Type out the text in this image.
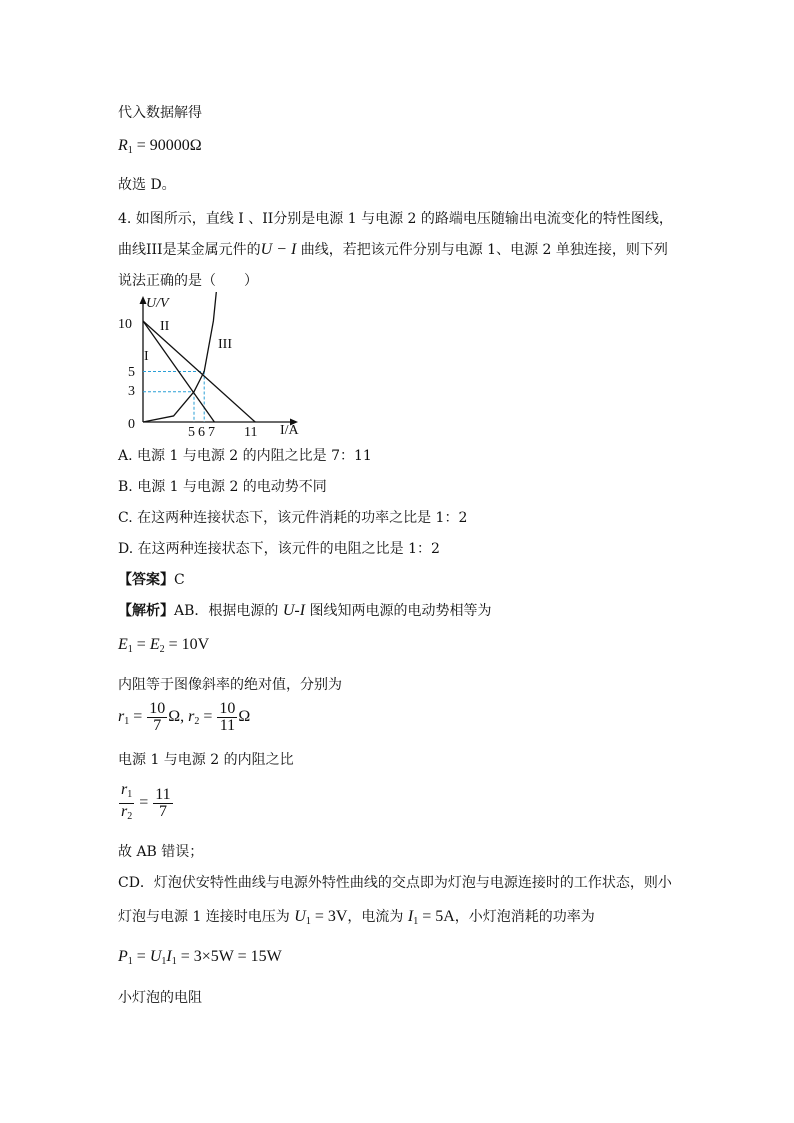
代入数据解得
$R_1 = 90000\Omega$
故选 D。
4. 如图所示，直线 I 、II分别是电源 1 与电源 2 的路端电压随输出电流变化的特性图线，
曲线III是某金属元件的U − I 曲线，若把该元件分别与电源 1、电源 2 单独连接，则下列
说法正确的是（　　）
U/V
I/A
10
5
3
0
5 6 7 11
I
II
III
A. 电源 1 与电源 2 的内阻之比是 7：11
B. 电源 1 与电源 2 的电动势不同
C. 在这两种连接状态下，该元件消耗的功率之比是 1：2
D. 在这两种连接状态下，该元件的电阻之比是 1：2
【答案】C
【解析】AB．根据电源的 U-I 图线知两电源的电动势相等为
$E_1 = E_2 = 10V$
内阻等于图像斜率的绝对值，分别为
$r_1 = \frac{10}{7} \Omega$, $r_2 = \frac{10}{11}$ Ω
电源 1 与电源 2 的内阻之比
$\frac{r_1}{r_2} = \frac{11}{7}$
故 AB 错误；
CD．灯泡伏安特性曲线与电源外特性曲线的交点即为灯泡与电源连接时的工作状态，则小
灯泡与电源 1 连接时电压为 $U_1 = 3V$，电流为 $I_1 = 5A$，小灯泡消耗的功率为
$P_1 = U_1I_1 = 3\times 5W = 15W$
小灯泡的电阻
